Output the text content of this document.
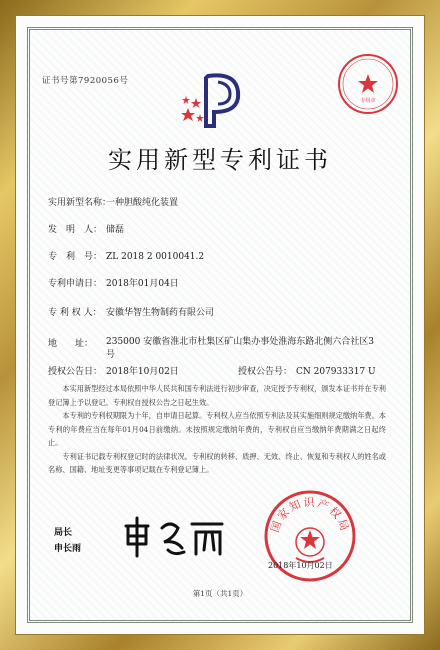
证书号第7920056号
专用章
实用新型专利证书
实用新型名称：一种胆酸纯化装置
发　明　人： 储磊
专　利　号： ZL 2018 2 0010041.2
专利申请日： 2018年01月04日
专 利 权 人： 安徽华智生物制药有限公司
地　　址：	235000 安徽省淮北市杜集区矿山集办事处淮海东路北侧六合社区3号
授权公告日： 2018年10月02日	授权公告号： CN 207933317 U

本实用新型经过本局依照中华人民共和国专利法进行初步审查，决定授予专利权，颁发本证书并在专利登记簿上予以登记。专利权自授权公告之日起生效。

本专利的专利权期限为十年，自申请日起算。专利权人应当依照专利法及其实施细则规定缴纳年费。本专利的年费应当在每年01月04日前缴纳。未按照规定缴纳年费的，专利权自应当缴纳年费期满之日起终止。

专利证书记载专利权登记时的法律状况。专利权的转移、质押、无效、终止、恢复和专利权人的姓名或名称、国籍、地址变更等事项记载在专利登记簿上。

局长
申长雨
国家知识产权局
2018年10月02日
第1页（共1页）
